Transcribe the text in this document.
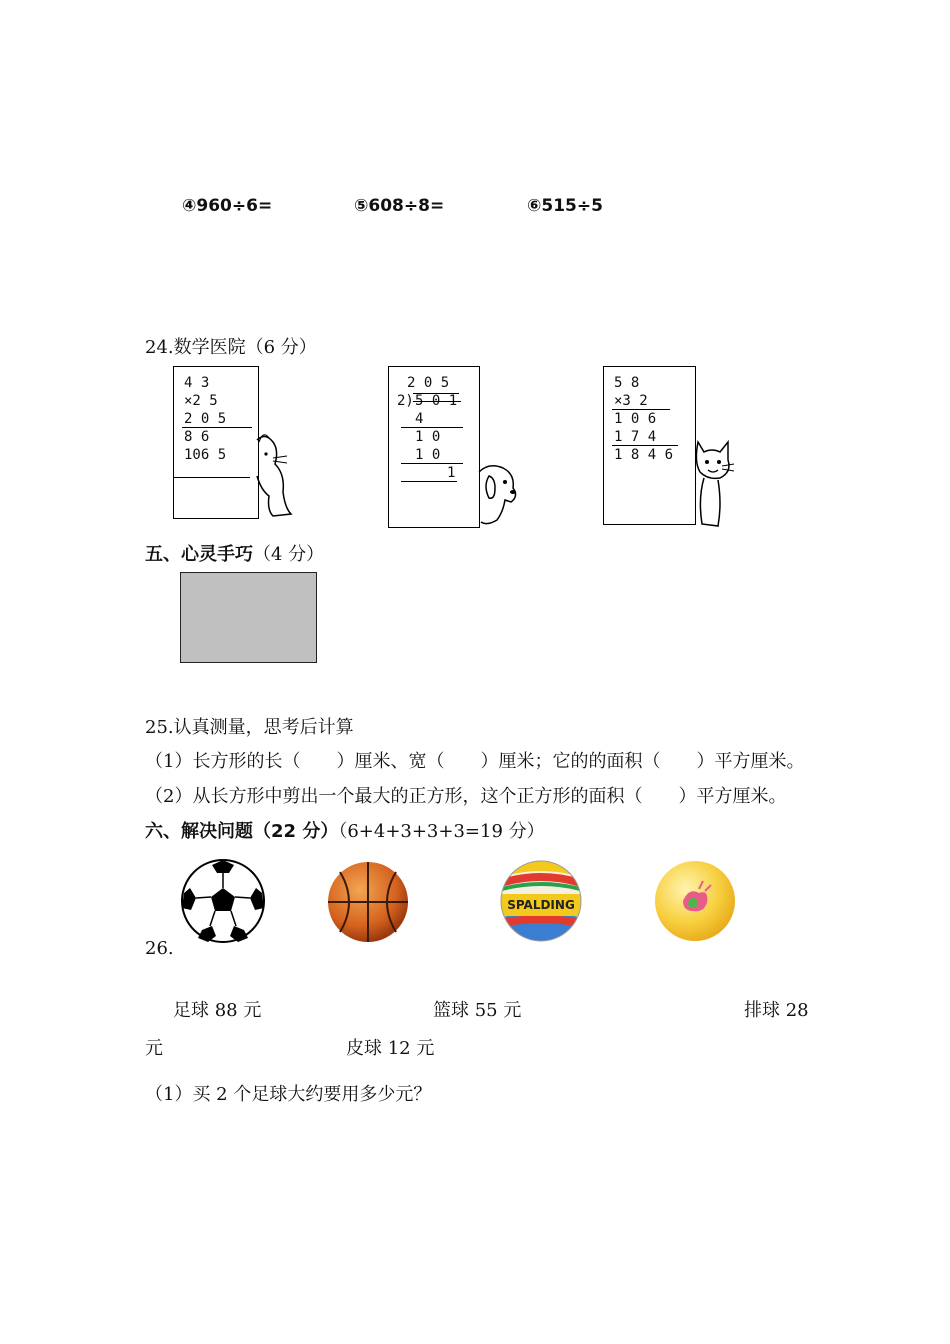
④960÷6=	⑤608÷8=	⑥515÷5
24.数学医院（6 分）
4 3
×2 5
2 0 5
8 6
106 5
2 0 5
2) 5 0 1
4
1 0
1 0
1
5 8
×3 2
1 0 6
1 7 4
1 8 4 6
五、心灵手巧（4 分）
25.认真测量，思考后计算
（1）长方形的长（　　）厘米、宽（　　）厘米；它的的面积（　　）平方厘米。
（2）从长方形中剪出一个最大的正方形，这个正方形的面积（　　）平方厘米。
六、解决问题（22 分）（6+4+3+3+3=19 分）
SPALDING
26.
足球 88 元	篮球 55 元	排球 28
元	皮球 12 元
（1）买 2 个足球大约要用多少元？
